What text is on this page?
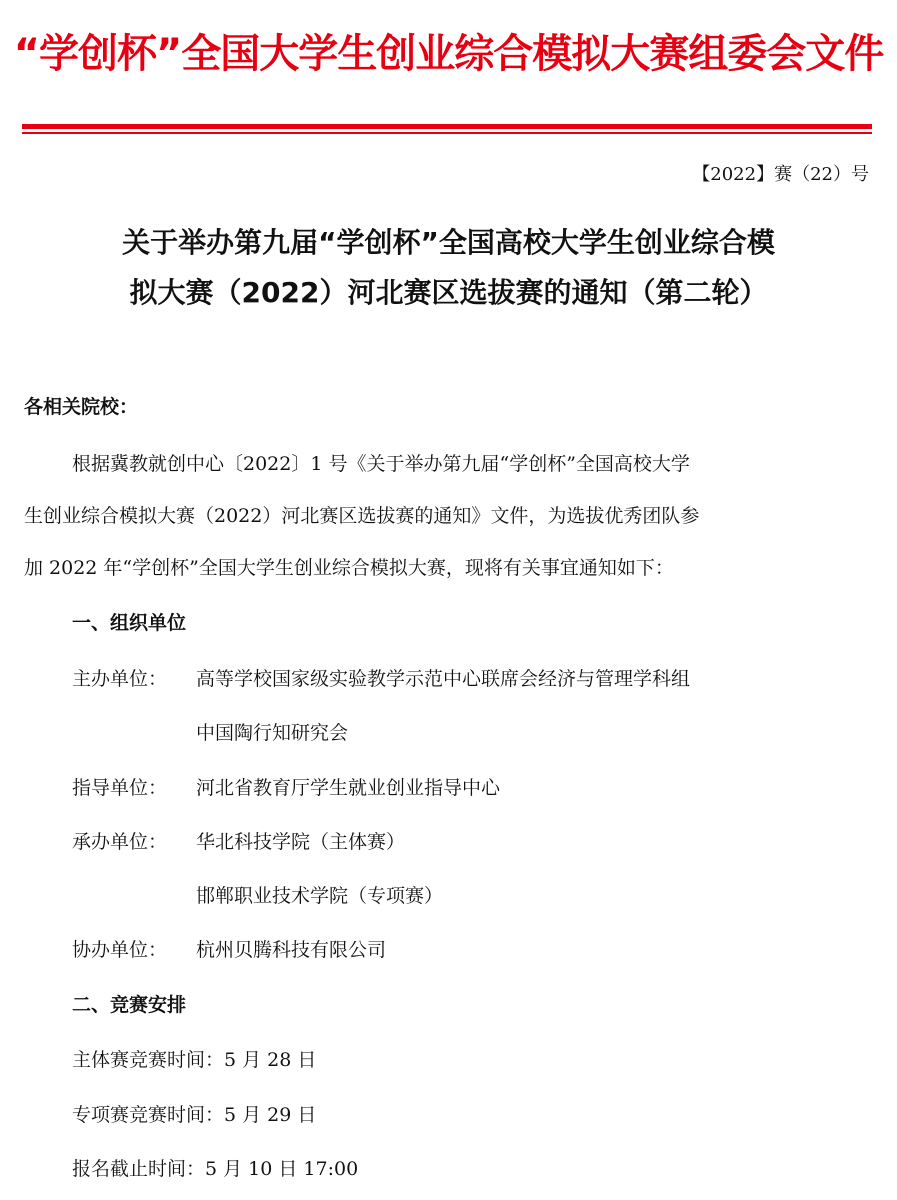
“学创杯”全国大学生创业综合模拟大赛组委会文件
【2022】赛（22）号
关于举办第九届“学创杯”全国高校大学生创业综合模
拟大赛（2022）河北赛区选拔赛的通知（第二轮）
各相关院校：
根据冀教就创中心〔2022〕1 号《关于举办第九届“学创杯”全国高校大学
生创业综合模拟大赛（2022）河北赛区选拔赛的通知》文件，为选拔优秀团队参
加 2022 年“学创杯”全国大学生创业综合模拟大赛，现将有关事宜通知如下：
一、组织单位
主办单位： 高等学校国家级实验教学示范中心联席会经济与管理学科组
中国陶行知研究会
指导单位： 河北省教育厅学生就业创业指导中心
承办单位： 华北科技学院（主体赛）
邯郸职业技术学院（专项赛）
协办单位： 杭州贝腾科技有限公司
二、竞赛安排
主体赛竞赛时间：5 月 28 日
专项赛竞赛时间：5 月 29 日
报名截止时间：5 月 10 日 17:00
